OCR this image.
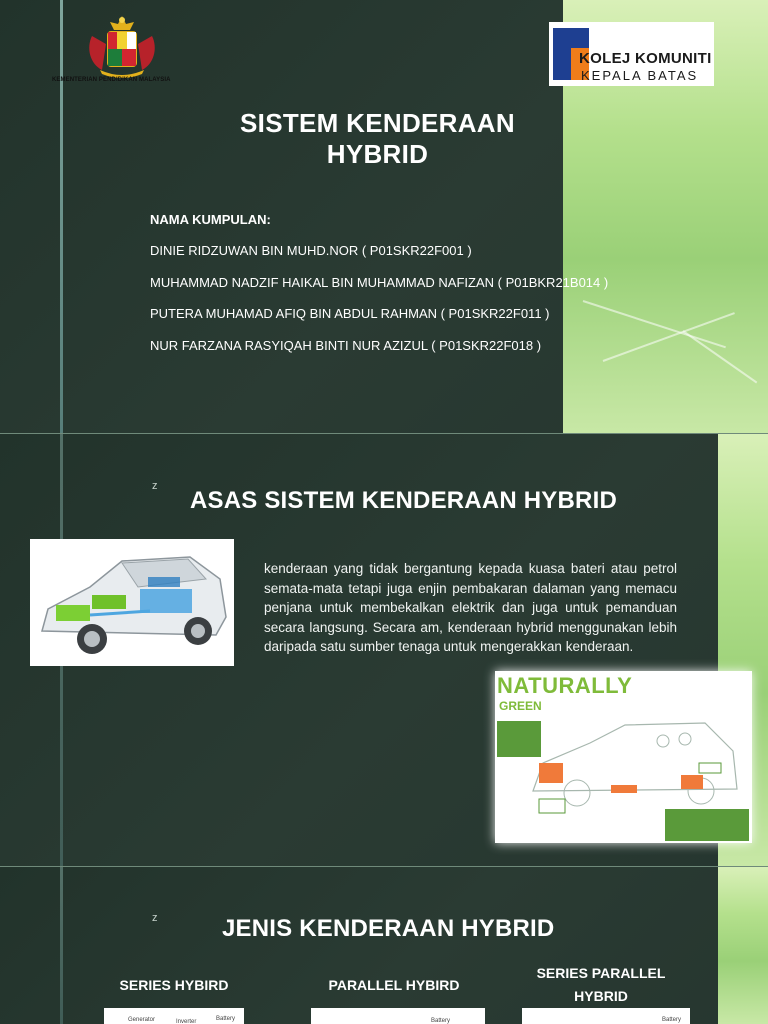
KEMENTERIAN PENDIDIKAN MALAYSIA
KOLEJ KOMUNITI
KEPALA BATAS
SISTEM KENDERAAN
HYBRID
NAMA KUMPULAN:
DINIE RIDZUWAN BIN MUHD.NOR ( P01SKR22F001 )
MUHAMMAD NADZIF HAIKAL BIN MUHAMMAD NAFIZAN ( P01BKR21B014 )
PUTERA MUHAMAD AFIQ BIN ABDUL RAHMAN ( P01SKR22F011 )
NUR FARZANA RASYIQAH BINTI NUR AZIZUL ( P01SKR22F018 )
z
ASAS SISTEM KENDERAAN HYBRID

kenderaan yang tidak bergantung kepada kuasa bateri atau petrol semata-mata tetapi juga enjin pembakaran dalaman yang memacu penjana untuk membekalkan elektrik dan juga untuk pemanduan secara langsung. Secara am, kenderaan hybrid menggunakan lebih daripada satu sumber tenaga untuk mengerakkan kenderaan.

NATURALLY
GREEN
z	JENIS KENDERAAN HYBRID
SERIES HYBIRD	PARALLEL HYBIRD
SERIES PARALLEL
HYBRID
Generator	Inverter	Battery	Battery	Battery
